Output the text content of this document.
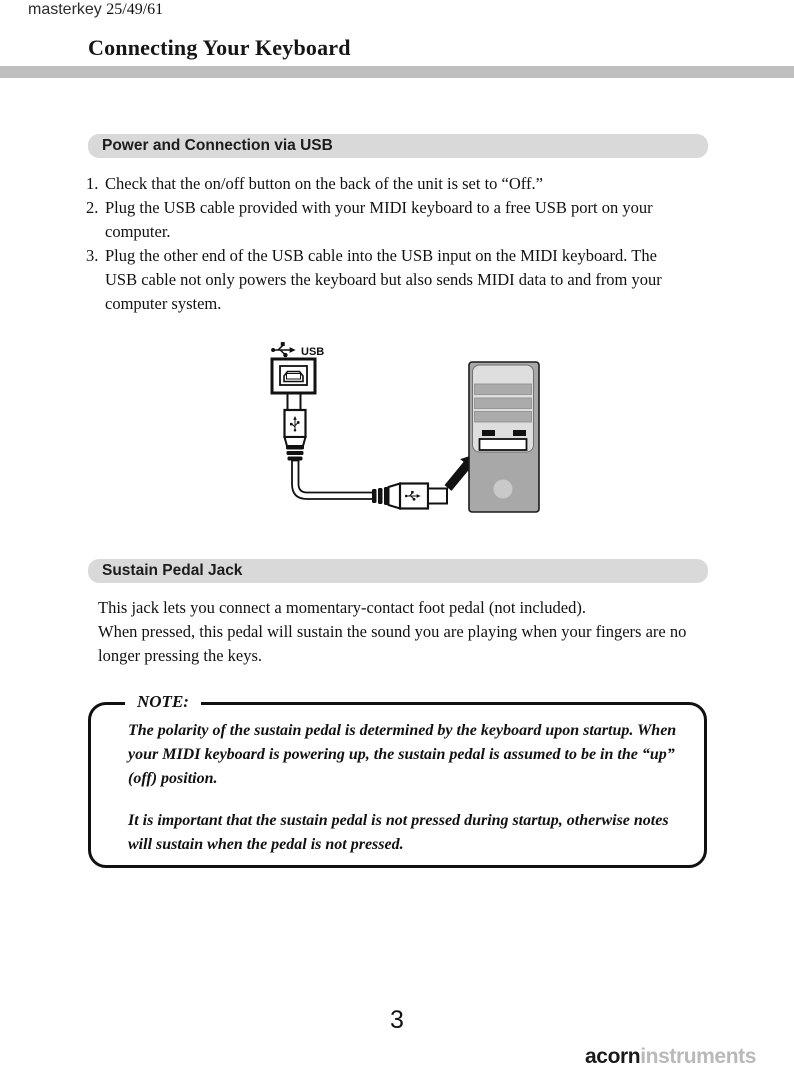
masterkey 25/49/61
Connecting Your Keyboard
Power and Connection via USB
Check that the on/off button on the back of the unit is set to “Off.”
Plug the USB cable provided with your MIDI keyboard to a free USB port on your computer.
Plug the other end of the USB cable into the USB input on the MIDI keyboard. The USB cable not only powers the keyboard but also sends MIDI data to and from your computer system.
USB
Sustain Pedal Jack

This jack lets you connect a momentary-contact foot pedal (not included).

When pressed, this pedal will sustain the sound you are playing when your fingers are no longer pressing the keys.

NOTE:

The polarity of the sustain pedal is determined by the keyboard upon startup. When your MIDI keyboard is powering up, the sustain pedal is assumed to be in the “up” (off) position.

It is important that the sustain pedal is not pressed during startup, otherwise notes will sustain when the pedal is not pressed.

3
acorninstruments
